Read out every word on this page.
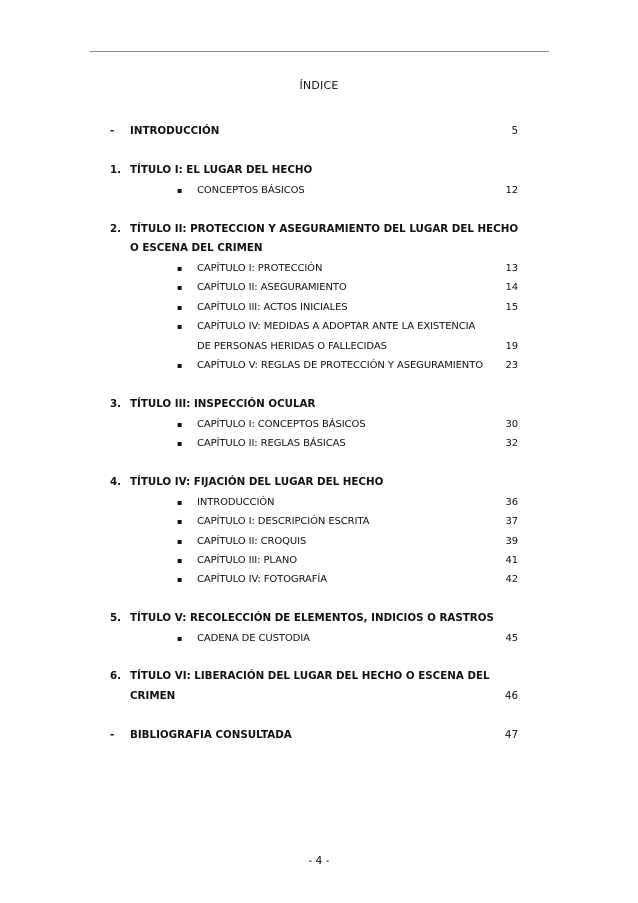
ÍNDICE
- INTRODUCCIÓN	5
1. TÍTULO I: EL LUGAR DEL HECHO
▪ CONCEPTOS BÁSICOS	12
2. TÍTULO II: PROTECCION Y ASEGURAMIENTO DEL LUGAR DEL HECHO
O ESCENA DEL CRIMEN
▪ CAPÍTULO I: PROTECCIÓN	13
▪ CAPÍTULO II: ASEGURAMIENTO	14
▪ CAPÍTULO III: ACTOS INICIALES	15
▪ CAPÍTULO IV: MEDIDAS A ADOPTAR ANTE LA EXISTENCIA
DE PERSONAS HERIDAS O FALLECIDAS	19
▪ CAPÍTULO V: REGLAS DE PROTECCIÓN Y ASEGURAMIENTO	23
3. TÍTULO III: INSPECCIÓN OCULAR
▪ CAPÍTULO I: CONCEPTOS BÁSICOS	30
▪ CAPÍTULO II: REGLAS BÁSICAS	32
4. TÍTULO IV: FIJACIÓN DEL LUGAR DEL HECHO
▪ INTRODUCCIÓN	36
▪ CAPÍTULO I: DESCRIPCIÓN ESCRITA	37
▪ CAPÍTULO II: CROQUIS	39
▪ CAPÍTULO III: PLANO	41
▪ CAPÍTULO IV: FOTOGRAFÍA	42
5. TÍTULO V: RECOLECCIÓN DE ELEMENTOS, INDICIOS O RASTROS
▪ CADENA DE CUSTODIA	45
6. TÍTULO VI: LIBERACIÓN DEL LUGAR DEL HECHO O ESCENA DEL
CRIMEN	46
- BIBLIOGRAFIA CONSULTADA	47
- 4 -
